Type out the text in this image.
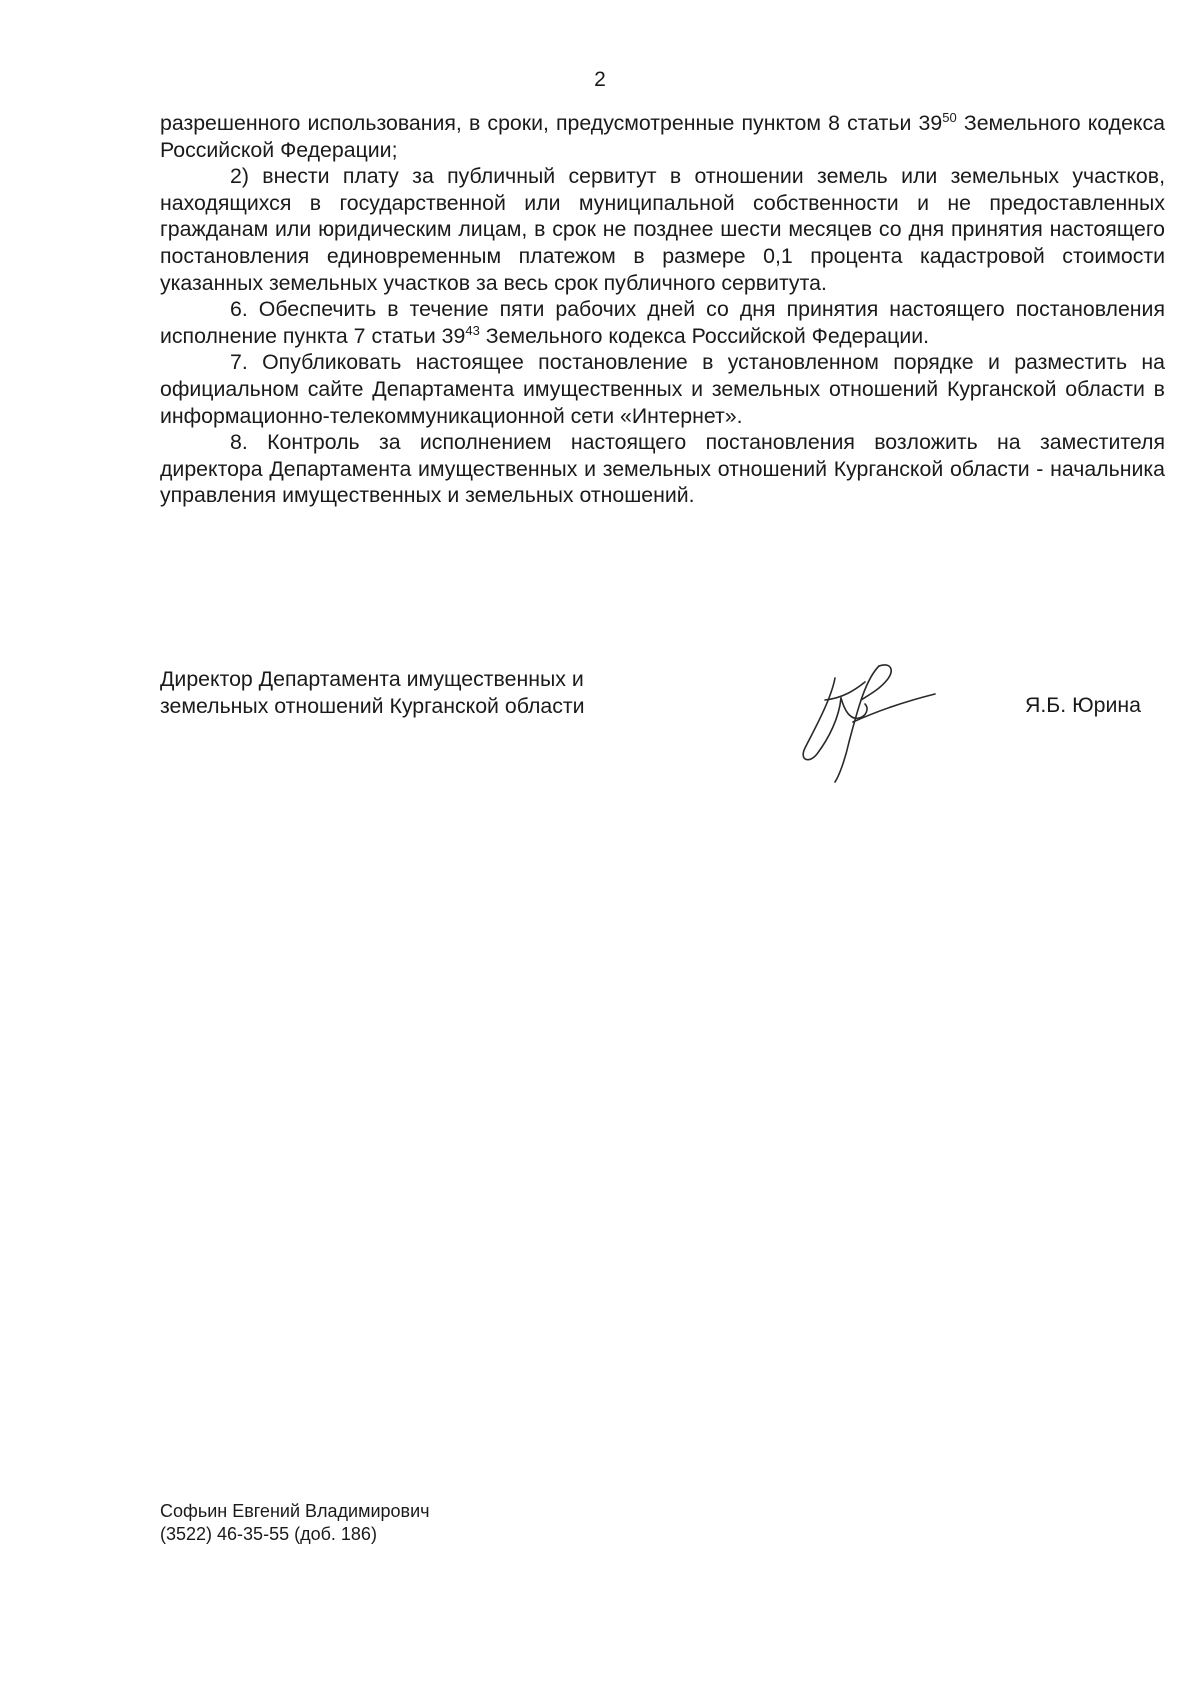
2

разрешенного использования, в сроки, предусмотренные пунктом 8 статьи $39^{50}$ Земельного кодекса Российской Федерации;

2) внести плату за публичный сервитут в отношении земель или земельных участков, находящихся в государственной или муниципальной собственности и не предоставленных гражданам или юридическим лицам, в срок не позднее шести месяцев со дня принятия настоящего постановления единовременным платежом в размере 0,1 процента кадастровой стоимости указанных земельных участков за весь срок публичного сервитута.

6. Обеспечить в течение пяти рабочих дней со дня принятия настоящего постановления исполнение пункта 7 статьи $39^{43}$ Земельного кодекса Российской Федерации.

7. Опубликовать настоящее постановление в установленном порядке и разместить на официальном сайте Департамента имущественных и земельных отношений Курганской области в информационно-телекоммуникационной сети «Интернет».

8. Контроль за исполнением настоящего постановления возложить на заместителя директора Департамента имущественных и земельных отношений Курганской области - начальника управления имущественных и земельных отношений.

Директор Департамента имущественных и
земельных отношений Курганской области	Я.Б. Юрина
Софьин Евгений Владимирович
(3522) 46-35-55 (доб. 186)
